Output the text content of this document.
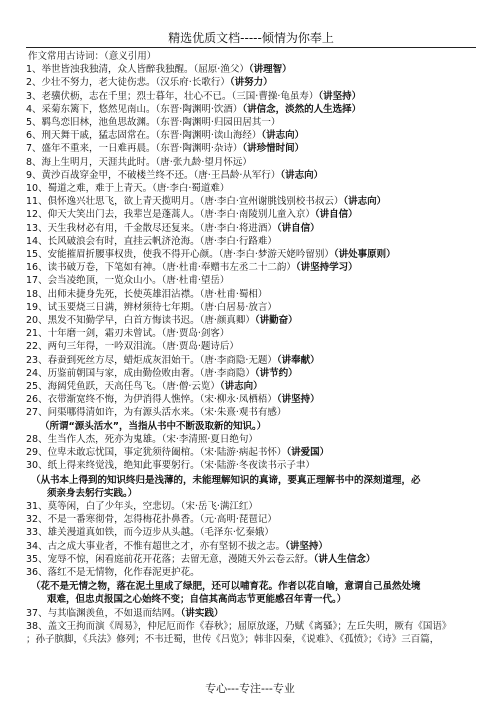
精选优质文档-----倾情为你奉上
作文常用古诗词：（意义引用）
1、举世皆浊我独清，众人皆醉我独醒。（屈原·渔父）（讲理智）
2、少壮不努力，老大徒伤悲。（汉乐府·长歌行）（讲努力）
3、老骥伏枥，志在千里；烈士暮年，壮心不已。（三国·曹操·龟虽寿）（讲坚持）
4、采菊东篱下，悠然见南山。（东晋·陶渊明·饮酒）（讲信念，淡然的人生选择）
5、羁鸟恋旧林，池鱼思故渊。（东晋·陶渊明·归园田居其一）
6、刑天舞干戚，猛志固常在。（东晋·陶渊明·读山海经）（讲志向）
7、盛年不重来，一日难再晨。（东晋·陶渊明·杂诗）（讲珍惜时间）
8、海上生明月，天涯共此时。（唐·张九龄·望月怀远）
9、黄沙百战穿金甲，不破楼兰终不还。（唐·王昌龄·从军行）（讲志向）
10、蜀道之难，难于上青天。（唐·李白·蜀道难）
11、俱怀逸兴壮思飞，欲上青天揽明月。（唐·李白·宣州谢朓饯别校书叔云）（讲志向）
12、仰天大笑出门去，我辈岂是蓬蒿人。（唐·李白·南陵别儿童入京）（讲自信）
13、天生我材必有用，千金散尽还复来。（唐·李白·将进酒）（讲自信）
14、长风破浪会有时，直挂云帆济沧海。（唐·李白·行路难）
15、安能摧眉折腰事权贵，使我不得开心颜。（唐·李白·梦游天姥吟留别）（讲处事原则）
16、读书破万卷，下笔如有神。（唐·杜甫·奉赠韦左丞二十二韵）（讲坚持学习）
17、会当凌绝顶，一览众山小。（唐·杜甫·望岳）
18、出师未捷身先死，长使英雄泪沾襟。（唐·杜甫·蜀相）
19、试玉要烧三日满，辨材须待七年期。（唐·白居易·放言）
20、黑发不知勤学早，白首方悔读书迟。（唐·颜真卿）（讲勤奋）
21、十年磨一剑，霜刃未曾试。（唐·贾岛·剑客）
22、两句三年得，一吟双泪流。（唐·贾岛·题诗后）
23、春蚕到死丝方尽，蜡炬成灰泪始干。（唐·李商隐·无题）（讲奉献）
24、历鉴前朝国与家，成由勤俭败由奢。（唐·李商隐）（讲节约）
25、海阔凭鱼跃，天高任鸟飞。（唐·僧·云览）（讲志向）
26、衣带渐宽终不悔，为伊消得人憔悴。（宋·柳永·凤栖梧）（讲坚持）
27、问渠哪得清如许，为有源头活水来。（宋·朱熹·观书有感）
（所谓“源头活水”，当指从书中不断汲取新的知识。）
28、生当作人杰，死亦为鬼雄。（宋·李清照·夏日绝句）
29、位卑未敢忘忧国，事定犹须待阖棺。（宋·陆游·病起书怀）（讲爱国）
30、纸上得来终觉浅，绝知此事要躬行。（宋·陆游·冬夜读书示子聿）
（从书本上得到的知识终归是浅薄的，未能理解知识的真谛，要真正理解书中的深刻道理，必
须亲身去躬行实践。）
31、莫等闲，白了少年头，空悲切。（宋·岳飞·满江红）
32、不是一番寒彻骨，怎得梅花扑鼻香。（元·高明·琵琶记）
33、雄关漫道真如铁，而今迈步从头越。（毛泽东·忆秦娥）
34、古之成大事业者，不惟有超世之才，亦有坚韧不拔之志。（讲坚持）
35、宠辱不惊，闲看庭前花开花落；去留无意，漫随天外云卷云舒。（讲人生信念）
36、落红不是无情物，化作春泥更护花。
（花不是无情之物，落在泥土里成了绿肥，还可以哺育花。作者以花自喻，意谓自己虽然处境
艰难，但忠贞报国之心始终不变；自信其高尚志节更能感召年青一代。）
37、与其临渊羡鱼，不如退而结网。（讲实践）
38、盖文王拘而演《周易》，仲尼厄而作《春秋》；屈原放逐，乃赋《离骚》；左丘失明，厥有《国语》
；孙子膑脚，《兵法》修列；不韦迁蜀，世传《吕览》；韩非囚秦，《说难》、《孤愤》；《诗》三百篇，
专心---专注---专业
